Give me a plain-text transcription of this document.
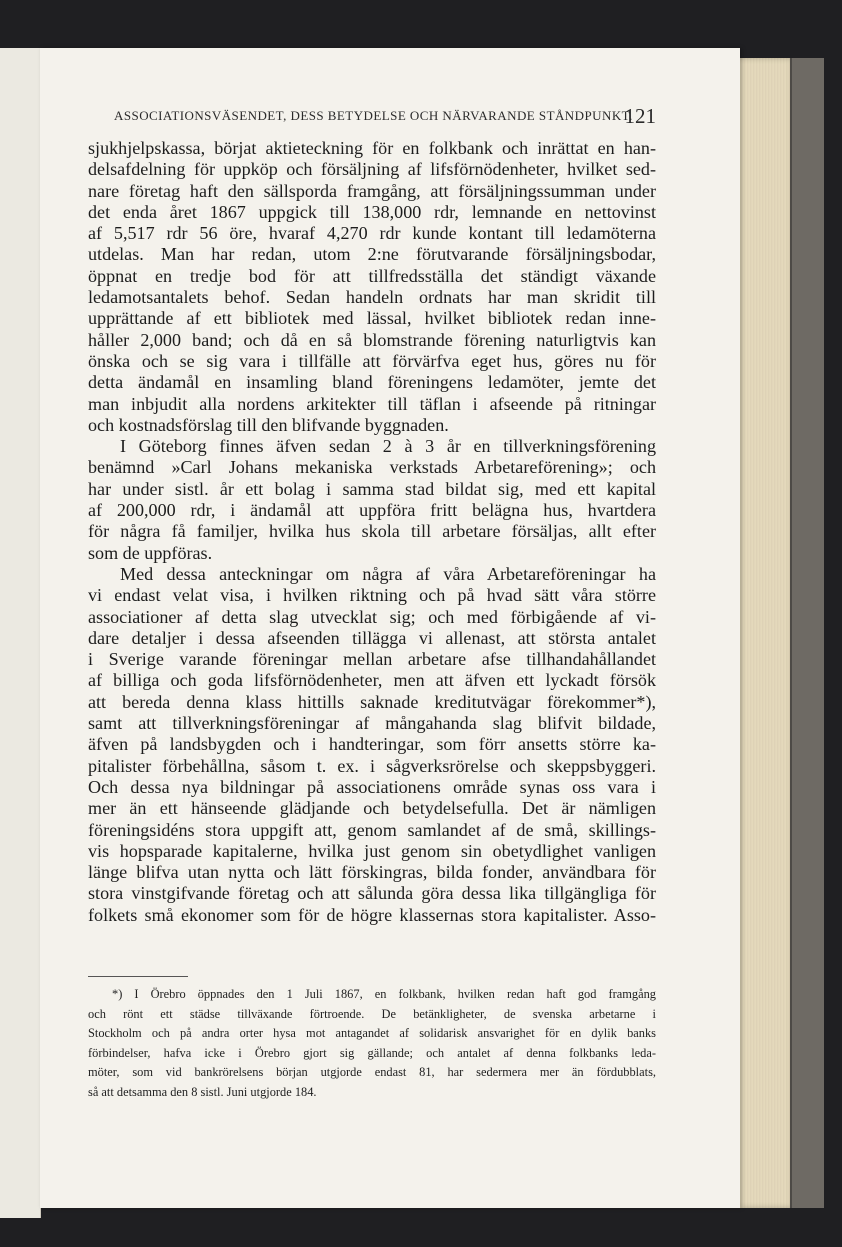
ASSOCIATIONSVÄSENDET, DESS BETYDELSE OCH NÄRVARANDE STÅNDPUNKT.
121
sjukhjelpskassa, börjat aktieteckning för en folkbank och inrättat en han-
delsafdelning för uppköp och försäljning af lifsförnödenheter, hvilket sed-
nare företag haft den sällsporda framgång, att försäljningssumman under
det enda året 1867 uppgick till 138,000 rdr, lemnande en nettovinst
af 5,517 rdr 56 öre, hvaraf 4,270 rdr kunde kontant till ledamöterna
utdelas. Man har redan, utom 2:ne förutvarande försäljningsbodar,
öppnat en tredje bod för att tillfredsställa det ständigt växande
ledamotsantalets behof. Sedan handeln ordnats har man skridit till
upprättande af ett bibliotek med lässal, hvilket bibliotek redan inne-
håller 2,000 band; och då en så blomstrande förening naturligtvis kan
önska och se sig vara i tillfälle att förvärfva eget hus, göres nu för
detta ändamål en insamling bland föreningens ledamöter, jemte det
man inbjudit alla nordens arkitekter till täflan i afseende på ritningar
och kostnadsförslag till den blifvande byggnaden.
I Göteborg finnes äfven sedan 2 à 3 år en tillverkningsförening
benämnd »Carl Johans mekaniska verkstads Arbetareförening»; och
har under sistl. år ett bolag i samma stad bildat sig, med ett kapital
af 200,000 rdr, i ändamål att uppföra fritt belägna hus, hvartdera
för några få familjer, hvilka hus skola till arbetare försäljas, allt efter
som de uppföras.
Med dessa anteckningar om några af våra Arbetareföreningar ha
vi endast velat visa, i hvilken riktning och på hvad sätt våra större
associationer af detta slag utvecklat sig; och med förbigående af vi-
dare detaljer i dessa afseenden tillägga vi allenast, att största antalet
i Sverige varande föreningar mellan arbetare afse tillhandahållandet
af billiga och goda lifsförnödenheter, men att äfven ett lyckadt försök
att bereda denna klass hittills saknade kreditutvägar förekommer*),
samt att tillverkningsföreningar af mångahanda slag blifvit bildade,
äfven på landsbygden och i handteringar, som förr ansetts större ka-
pitalister förbehållna, såsom t. ex. i sågverksrörelse och skeppsbyggeri.
Och dessa nya bildningar på associationens område synas oss vara i
mer än ett hänseende glädjande och betydelsefulla. Det är nämligen
föreningsidéns stora uppgift att, genom samlandet af de små, skillings-
vis hopsparade kapitalerne, hvilka just genom sin obetydlighet vanligen
länge blifva utan nytta och lätt förskingras, bilda fonder, användbara för
stora vinstgifvande företag och att sålunda göra dessa lika tillgängliga för
folkets små ekonomer som för de högre klassernas stora kapitalister. Asso-
*) I Örebro öppnades den 1 Juli 1867, en folkbank, hvilken redan haft god framgång
och rönt ett städse tillväxande förtroende. De betänkligheter, de svenska arbetarne i
Stockholm och på andra orter hysa mot antagandet af solidarisk ansvarighet för en dylik banks
förbindelser, hafva icke i Örebro gjort sig gällande; och antalet af denna folkbanks leda-
möter, som vid bankrörelsens början utgjorde endast 81, har sedermera mer än fördubblats,
så att detsamma den 8 sistl. Juni utgjorde 184.
